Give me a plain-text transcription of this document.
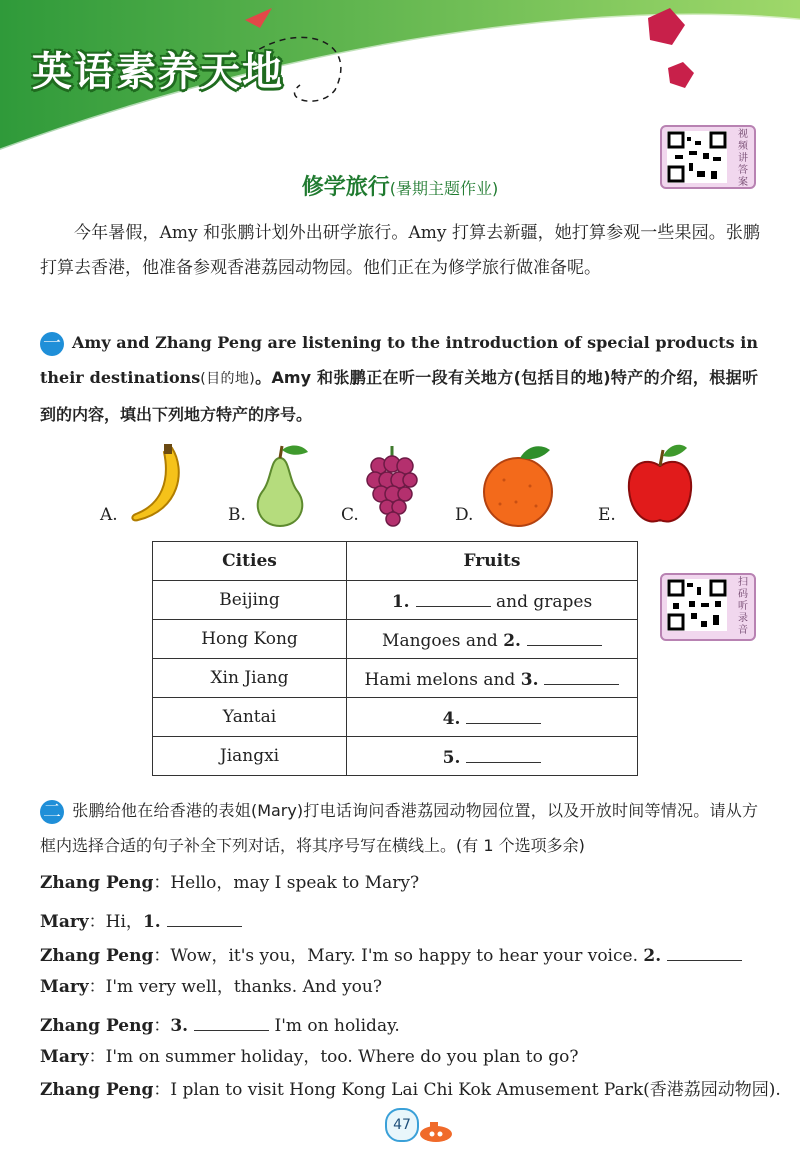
英语素养天地
视频讲答案
扫码听录音
修学旅行(暑期主题作业)
今年暑假，Amy 和张鹏计划外出研学旅行。Amy 打算去新疆，她打算参观一些果园。张鹏打算去香港，他准备参观香港荔园动物园。他们正在为修学旅行做准备呢。
一 Amy and Zhang Peng are listening to the introduction of special products in their destinations(目的地)。Amy 和张鹏正在听一段有关地方(包括目的地)特产的介绍，根据听到的内容，填出下列地方特产的序号。
A.	B.	C.	D.	E.
Cities	Fruits
Beijing	1. and grapes
Hong Kong	Mangoes and 2.
Xin Jiang	Hami melons and 3.
Yantai	4.
Jiangxi	5.
二 张鹏给他在给香港的表姐(Mary)打电话询问香港荔园动物园位置，以及开放时间等情况。请从方框内选择合适的句子补全下列对话，将其序号写在横线上。(有 1 个选项多余)
Zhang Peng：Hello，may I speak to Mary?
Mary：Hi，1.
Zhang Peng：Wow，it's you，Mary. I'm so happy to hear your voice. 2.
Mary：I'm very well，thanks. And you?
Zhang Peng：3.	I'm on holiday.
Mary：I'm on summer holiday，too. Where do you plan to go?
Zhang Peng：I plan to visit Hong Kong Lai Chi Kok Amusement Park(香港荔园动物园).
47
